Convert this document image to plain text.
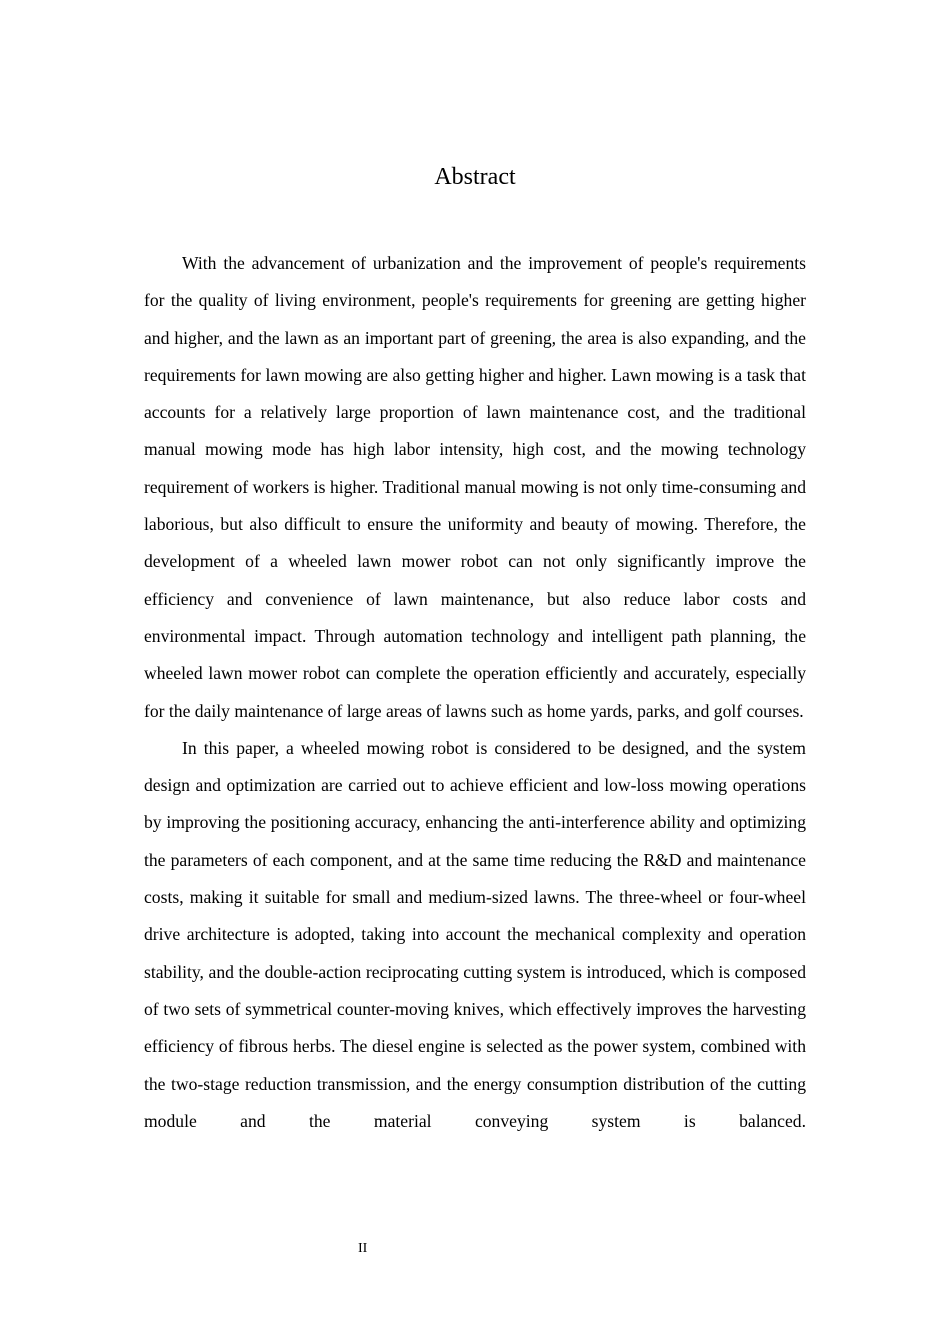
Abstract

With the advancement of urbanization and the improvement of people's requirements for the quality of living environment, people's requirements for greening are getting higher and higher, and the lawn as an important part of greening, the area is also expanding, and the requirements for lawn mowing are also getting higher and higher. Lawn mowing is a task that accounts for a relatively large proportion of lawn maintenance cost, and the traditional manual mowing mode has high labor intensity, high cost, and the mowing technology requirement of workers is higher. Traditional manual mowing is not only time-consuming and laborious, but also difficult to ensure the uniformity and beauty of mowing. Therefore, the development of a wheeled lawn mower robot can not only significantly improve the efficiency and convenience of lawn maintenance, but also reduce labor costs and environmental impact. Through automation technology and intelligent path planning, the wheeled lawn mower robot can complete the operation efficiently and accurately, especially for the daily maintenance of large areas of lawns such as home yards, parks, and golf courses.

In this paper, a wheeled mowing robot is considered to be designed, and the system design and optimization are carried out to achieve efficient and low-loss mowing operations by improving the positioning accuracy, enhancing the anti-interference ability and optimizing the parameters of each component, and at the same time reducing the R&D and maintenance costs, making it suitable for small and medium-sized lawns. The three-wheel or four-wheel drive architecture is adopted, taking into account the mechanical complexity and operation stability, and the double-action reciprocating cutting system is introduced, which is composed of two sets of symmetrical counter-moving knives, which effectively improves the harvesting efficiency of fibrous herbs. The diesel engine is selected as the power system, combined with the two-stage reduction transmission, and the energy consumption distribution of the cutting module and the material conveying system is balanced.

II
